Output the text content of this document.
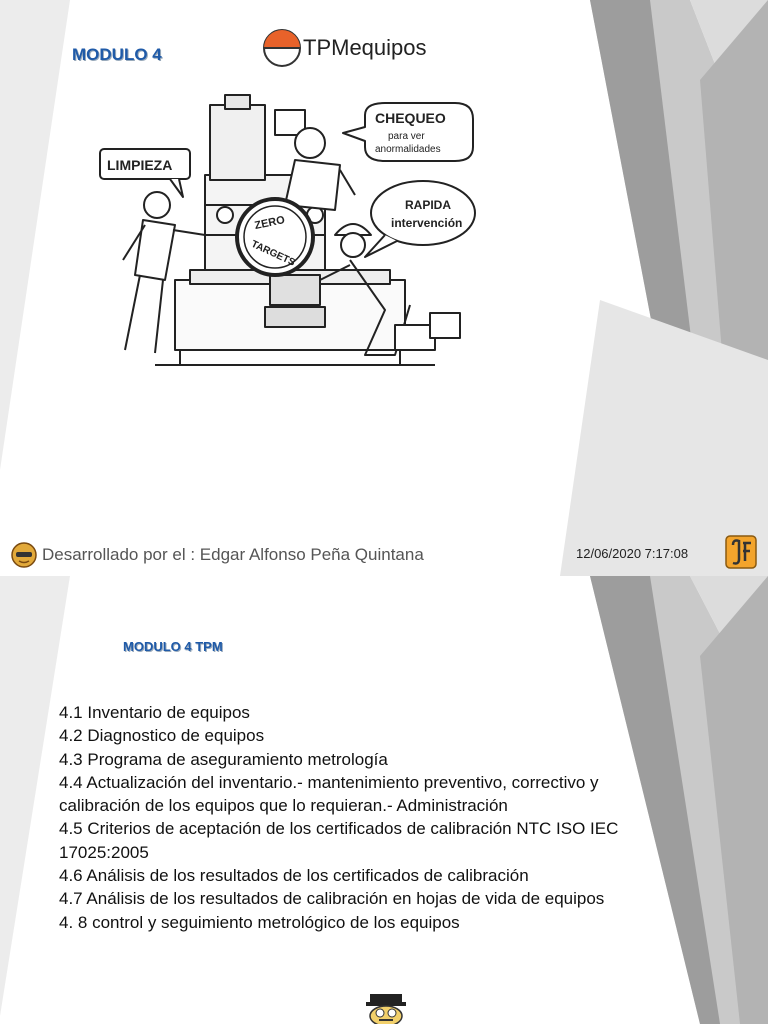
MODULO 4	TPMequipos
LIMPIEZA
CHEQUEO
para ver
anormalidades
RAPIDA
intervención
ZERO
TARGETS
Desarrollado por el : Edgar Alfonso Peña Quintana	12/06/2020 7:17:08
MODULO 4 TPM
4.1 Inventario de equipos
4.2 Diagnostico de equipos
4.3 Programa de aseguramiento metrología
4.4 Actualización del inventario.- mantenimiento preventivo, correctivo y
calibración de los equipos que lo requieran.- Administración
4.5 Criterios de aceptación de los certificados de calibración NTC ISO IEC
17025:2005
4.6 Análisis de los resultados de los certificados de calibración
4.7 Análisis de los resultados de calibración en hojas de vida de equipos
4. 8 control y seguimiento metrológico de los equipos
